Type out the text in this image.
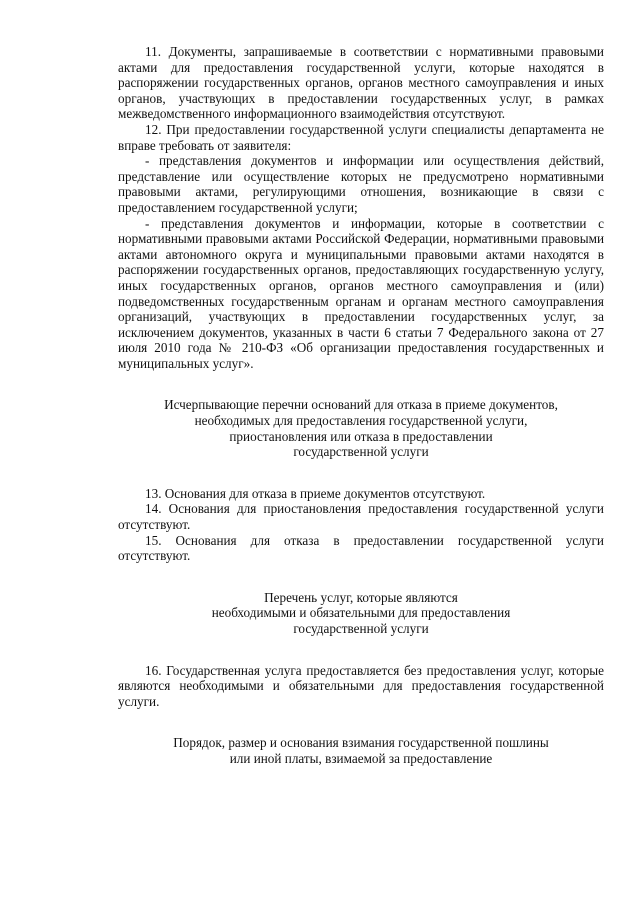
11. Документы, запрашиваемые в соответствии с нормативными правовыми актами для предоставления государственной услуги, которые находятся в распоряжении государственных органов, органов местного самоуправления и иных органов, участвующих в предоставлении государственных услуг, в рамках межведомственного информационного взаимодействия отсутствуют.

12. При предоставлении государственной услуги специалисты департамента не вправе требовать от заявителя:

- представления документов и информации или осуществления действий, представление или осуществление которых не предусмотрено нормативными правовыми актами, регулирующими отношения, возникающие в связи с предоставлением государственной услуги;

- представления документов и информации, которые в соответствии с нормативными правовыми актами Российской Федерации, нормативными правовыми актами автономного округа и муниципальными правовыми актами находятся в распоряжении государственных органов, предоставляющих государственную услугу, иных государственных органов, органов местного самоуправления и (или) подведомственных государственным органам и органам местного самоуправления организаций, участвующих в предоставлении государственных услуг, за исключением документов, указанных в части 6 статьи 7 Федерального закона от 27 июля 2010 года № 210-ФЗ «Об организации предоставления государственных и муниципальных услуг».

Исчерпывающие перечни оснований для отказа в приеме документов,

необходимых для предоставления государственной услуги,

приостановления или отказа в предоставлении

государственной услуги

13. Основания для отказа в приеме документов отсутствуют.

14. Основания для приостановления предоставления государственной услуги отсутствуют.

15. Основания для отказа в предоставлении государственной услуги отсутствуют.

Перечень услуг, которые являются

необходимыми и обязательными для предоставления

государственной услуги

16. Государственная услуга предоставляется без предоставления услуг, которые являются необходимыми и обязательными для предоставления государственной услуги.

Порядок, размер и основания взимания государственной пошлины

или иной платы, взимаемой за предоставление
